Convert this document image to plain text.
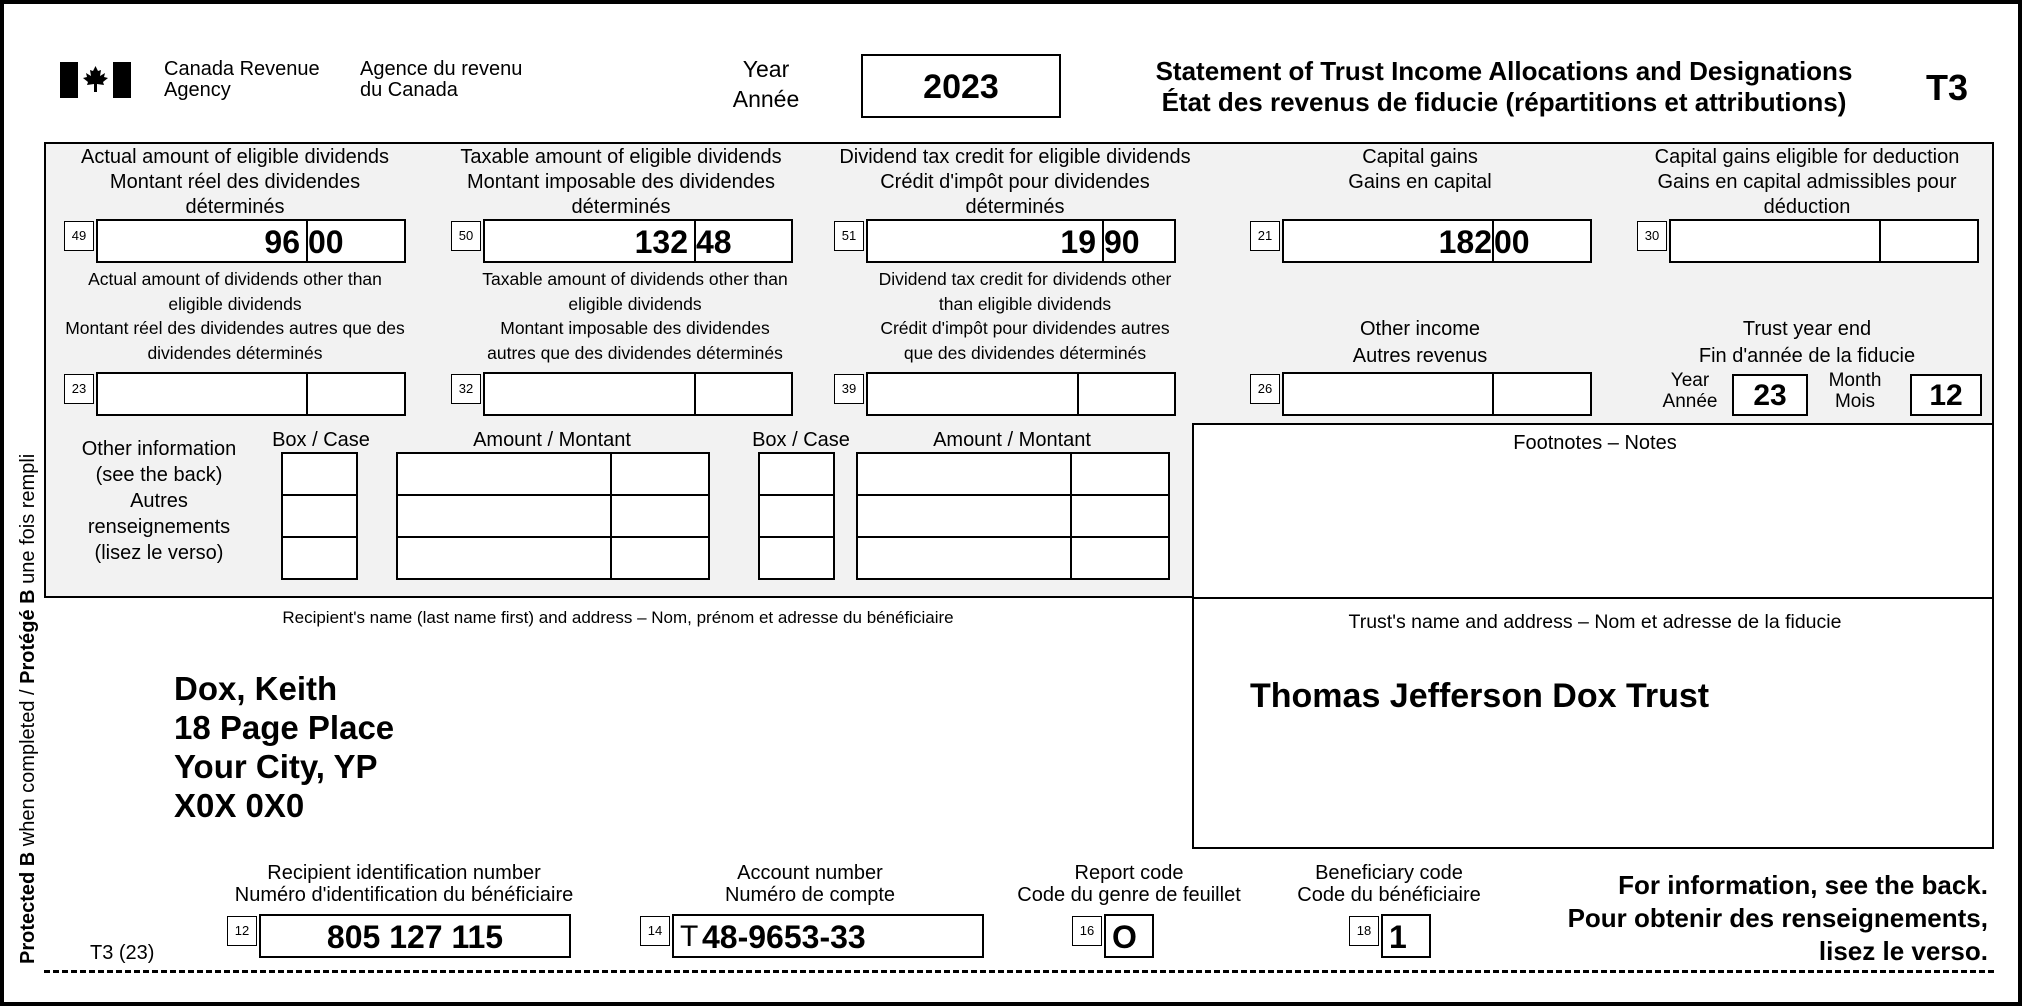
Protected B when completed / Protégé B une fois rempli
Canada Revenue
Agency
Agence du revenu
du Canada
Year
Année	2023	Statement of Trust Income Allocations and Designations
État des revenus de fiducie (répartitions et attributions)	T3
Actual amount of eligible dividends
Montant réel des dividendes
déterminés
49	96 00
Taxable amount of eligible dividends
Montant imposable des dividendes
déterminés
50	132 48
Dividend tax credit for eligible dividends
Crédit d'impôt pour dividendes
déterminés
51	19 90
Capital gains
Gains en capital
21	182 00
Capital gains eligible for deduction
Gains en capital admissibles pour
déduction
30
Actual amount of dividends other than
eligible dividends
Montant réel des dividendes autres que des
dividendes déterminés
23
Taxable amount of dividends other than
eligible dividends
Montant imposable des dividendes
autres que des dividendes déterminés
32
Dividend tax credit for dividends other
than eligible dividends
Crédit d'impôt pour dividendes autres
que des dividendes déterminés
39
Other income
Autres revenus
26
Trust year end
Fin d'année de la fiducie
Year
Année	23	Month
Mois	12
Other information
(see the back)
Autres
renseignements
(lisez le verso)
Box / Case	Amount / Montant	Box / Case	Amount / Montant	Footnotes – Notes
Recipient's name (last name first) and address – Nom, prénom et adresse du bénéficiaire
Dox, Keith
18 Page Place
Your City, YP
X0X 0X0
Trust's name and address – Nom et adresse de la fiducie
Thomas Jefferson Dox Trust
Recipient identification number
Numéro d'identification du bénéficiaire
12	805 127 115
Account number
Numéro de compte
14 T 48-9653-33
Report code
Code du genre de feuillet
16 O
Beneficiary code
Code du bénéficiaire
18 1
For information, see the back.
Pour obtenir des renseignements,
lisez le verso.
T3 (23)
